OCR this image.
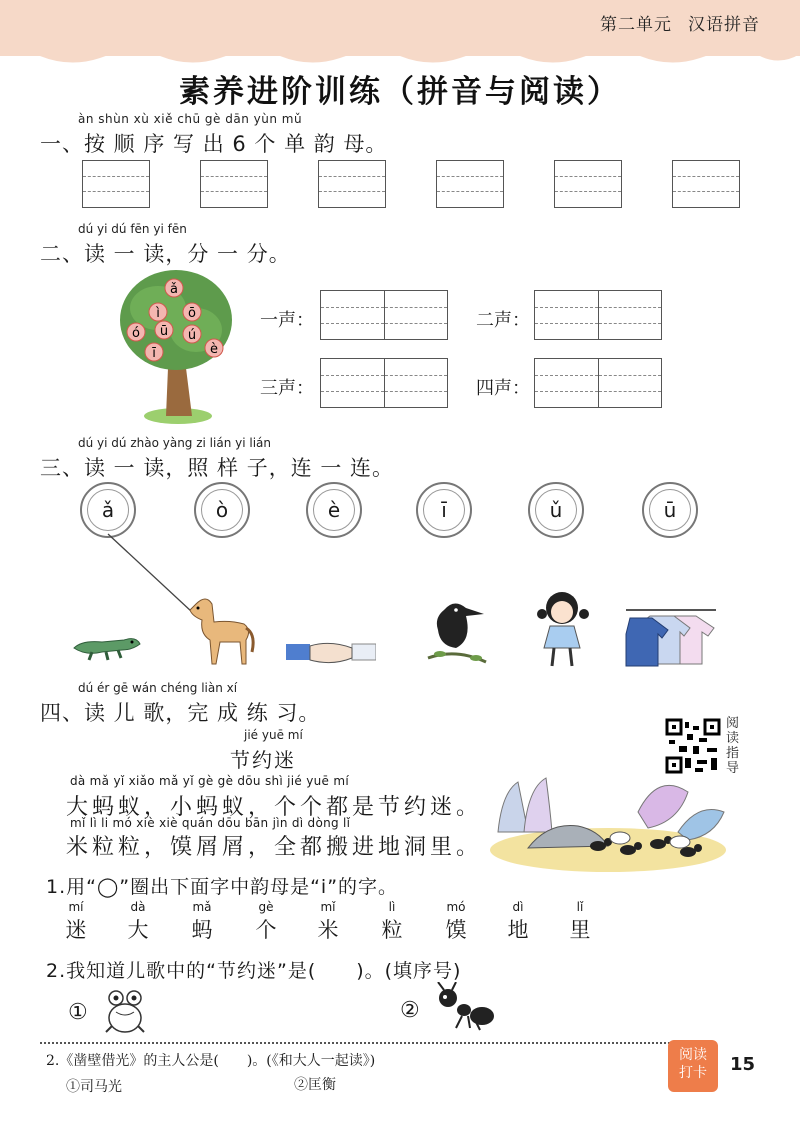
第二单元 汉语拼音
素养进阶训练（拼音与阅读）
àn shùn xù xiě chū gè dān yùn mǔ
一、按 顺 序 写 出 6 个 单 韵 母。
dú yi dú fēn yi fēn
二、读 一 读，分 一 分。
ǎ
ì ō
ó ū ú
è
ī
一声：	二声：
三声：	四声：
dú yi dú zhào yàng zi lián yi lián
三、读 一 读，照 样 子，连 一 连。
ǎ	ò	è	ī	ǔ	ū
dú ér gē wán chéng liàn xí
四、读 儿 歌，完 成 练 习。	阅读指导
jié yuē mí
节约迷
dà mǎ yǐ xiǎo mǎ yǐ gè gè dōu shì jié yuē mí
大蚂蚁，小蚂蚁，个个都是节约迷。
mǐ lì li mó xiè xiè quán dōu bān jìn dì dòng lǐ
米粒粒，馍屑屑，全都搬进地洞里。
1.用“◯”圈出下面字中韵母是“i”的字。
mí
迷
dà
大
mǎ
蚂
gè
个
mǐ
米
lì
粒
mó
馍
dì
地
lǐ
里
2.我知道儿歌中的“节约迷”是(　　)。(填序号)
①	②
2.《凿壁借光》的主人公是(　　)。(《和大人一起读》)
①司马光	②匡衡
阅读
打卡	15
